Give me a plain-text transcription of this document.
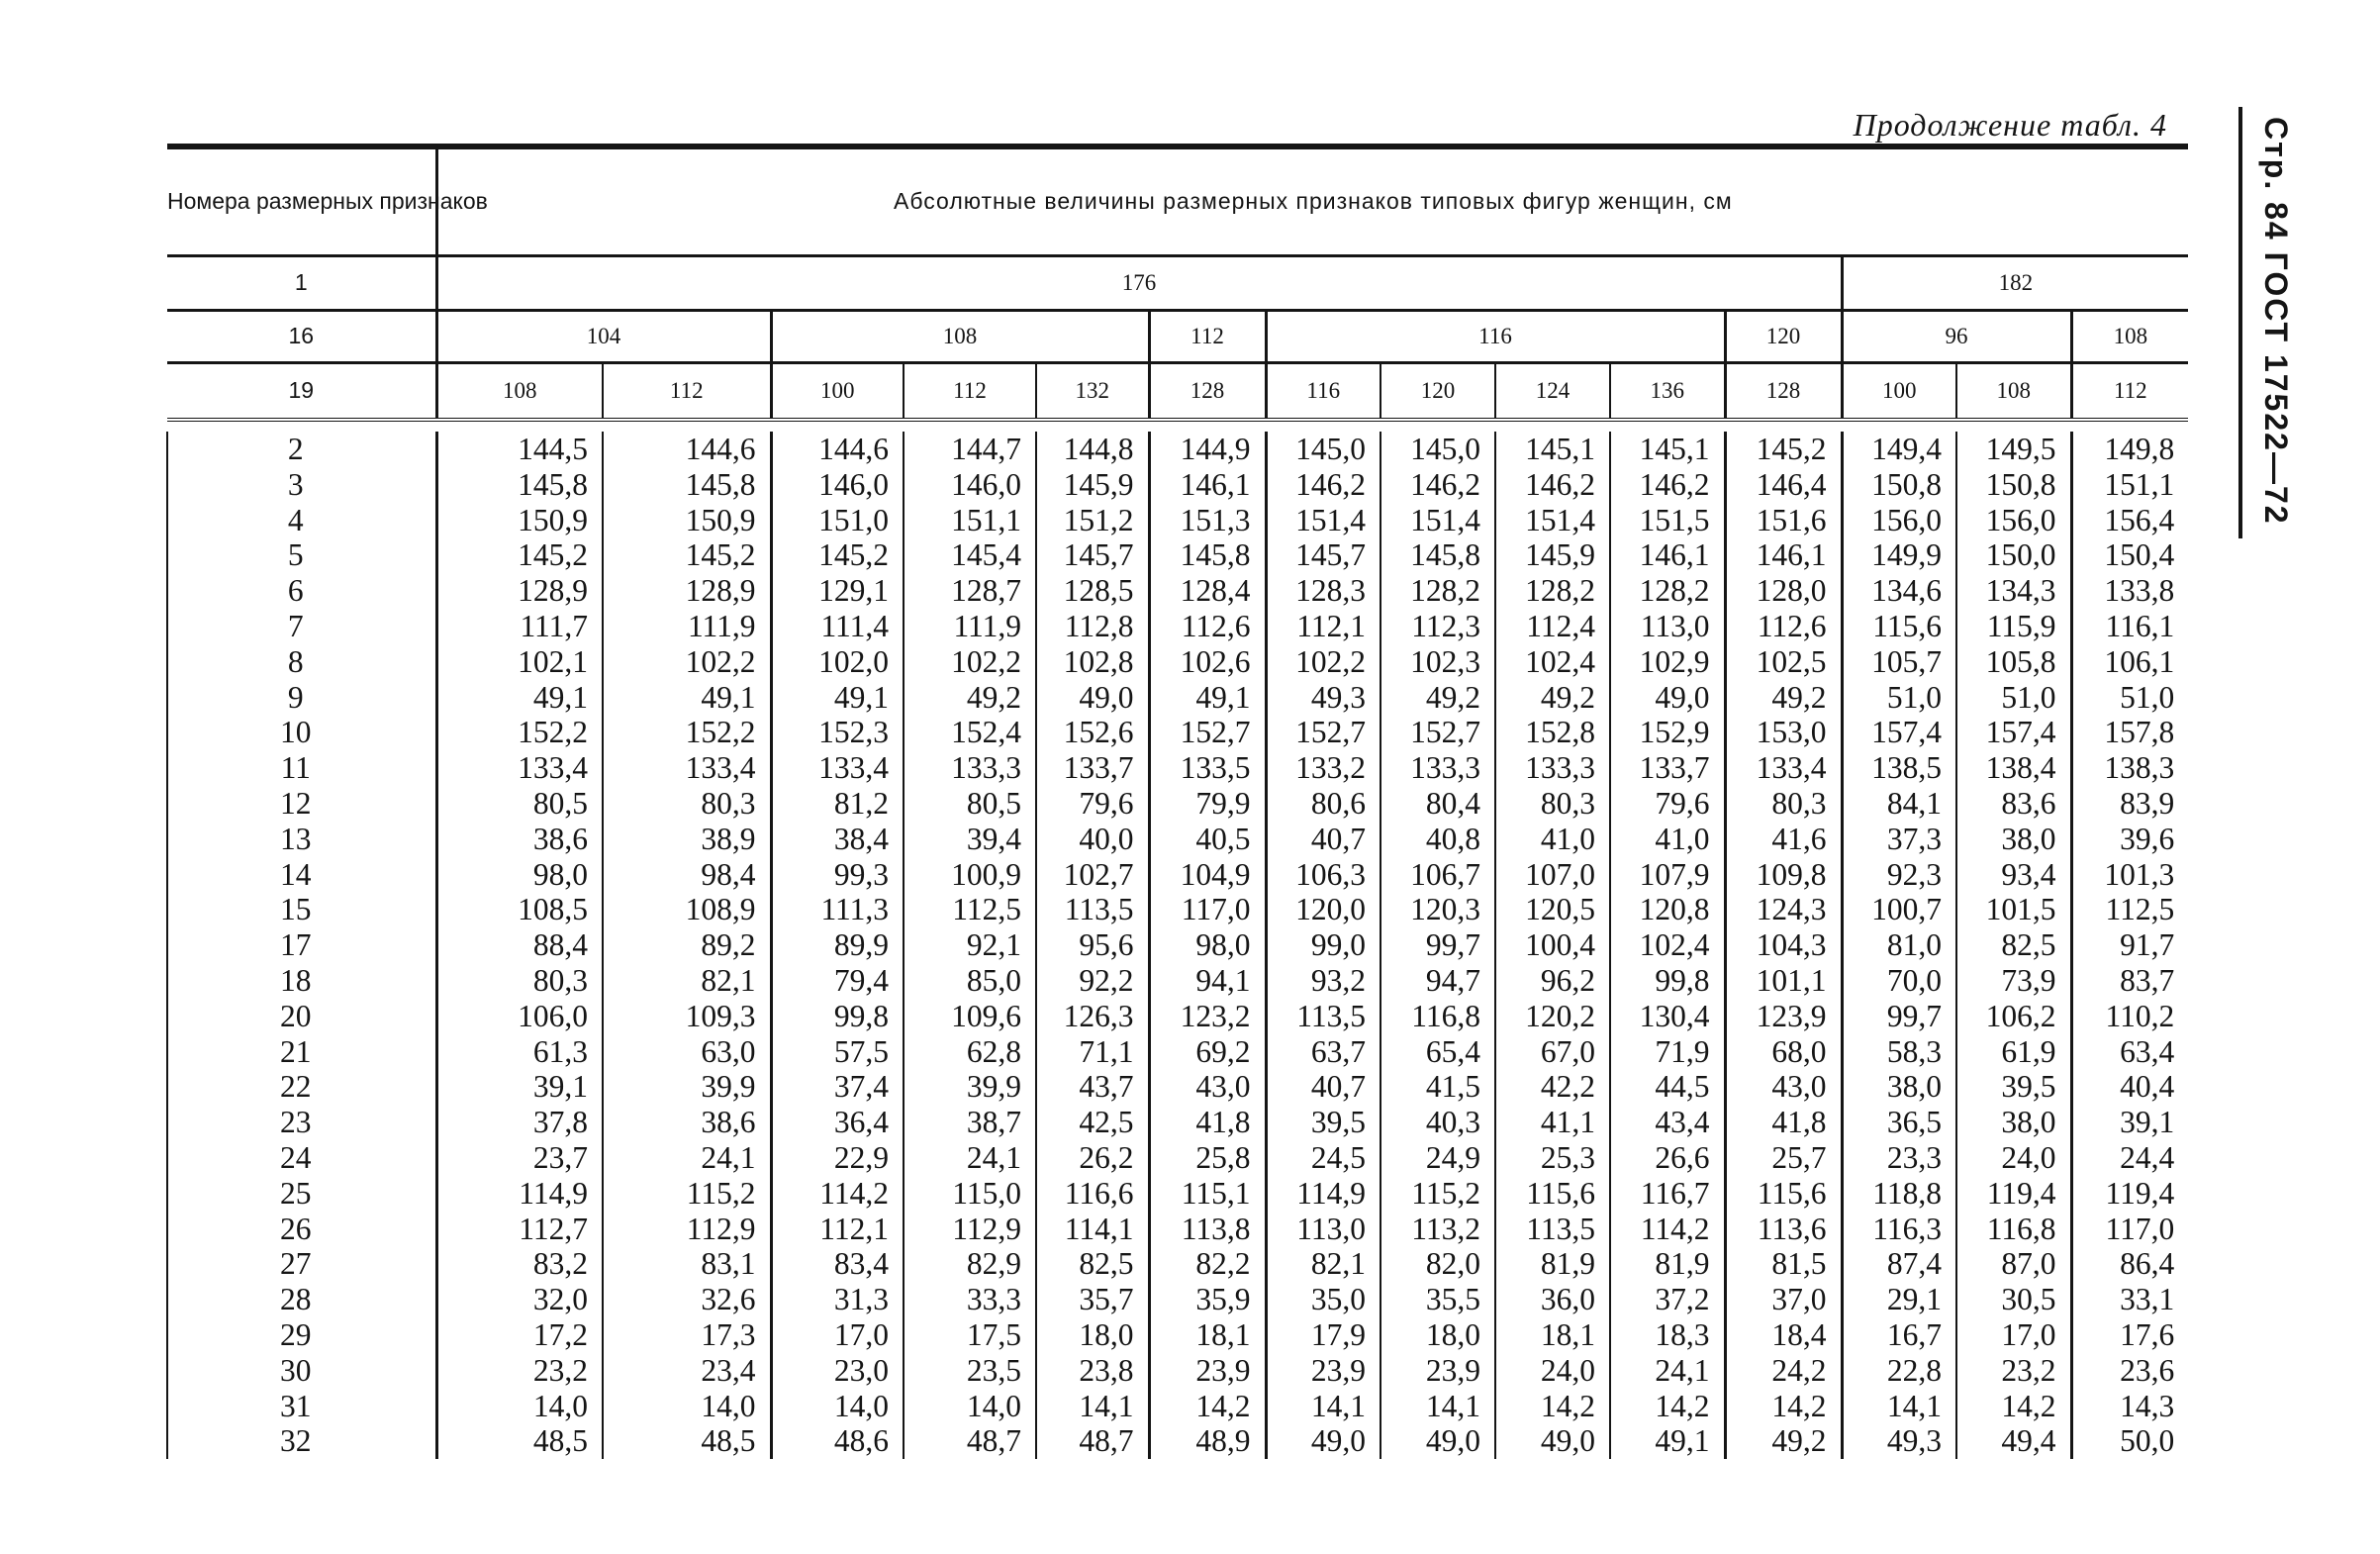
Продолжение табл. 4	Стр. 84 ГОСТ 17522—72
Номера размерных признаков	Абсолютные величины размерных признаков типовых фигур женщин, см													
1	176											182		
16	104		108			112	116				120	96		108
19	108	112	100	112	132	128	116	120	124	136	128	100	108	112

2	144,5	144,6	144,6	144,7	144,8	144,9	145,0	145,0	145,1	145,1	145,2	149,4	149,5	149,8
3	145,8	145,8	146,0	146,0	145,9	146,1	146,2	146,2	146,2	146,2	146,4	150,8	150,8	151,1
4	150,9	150,9	151,0	151,1	151,2	151,3	151,4	151,4	151,4	151,5	151,6	156,0	156,0	156,4
5	145,2	145,2	145,2	145,4	145,7	145,8	145,7	145,8	145,9	146,1	146,1	149,9	150,0	150,4
6	128,9	128,9	129,1	128,7	128,5	128,4	128,3	128,2	128,2	128,2	128,0	134,6	134,3	133,8
7	111,7	111,9	111,4	111,9	112,8	112,6	112,1	112,3	112,4	113,0	112,6	115,6	115,9	116,1
8	102,1	102,2	102,0	102,2	102,8	102,6	102,2	102,3	102,4	102,9	102,5	105,7	105,8	106,1
9	49,1	49,1	49,1	49,2	49,0	49,1	49,3	49,2	49,2	49,0	49,2	51,0	51,0	51,0
10	152,2	152,2	152,3	152,4	152,6	152,7	152,7	152,7	152,8	152,9	153,0	157,4	157,4	157,8
11	133,4	133,4	133,4	133,3	133,7	133,5	133,2	133,3	133,3	133,7	133,4	138,5	138,4	138,3
12	80,5	80,3	81,2	80,5	79,6	79,9	80,6	80,4	80,3	79,6	80,3	84,1	83,6	83,9
13	38,6	38,9	38,4	39,4	40,0	40,5	40,7	40,8	41,0	41,0	41,6	37,3	38,0	39,6
14	98,0	98,4	99,3	100,9	102,7	104,9	106,3	106,7	107,0	107,9	109,8	92,3	93,4	101,3
15	108,5	108,9	111,3	112,5	113,5	117,0	120,0	120,3	120,5	120,8	124,3	100,7	101,5	112,5
17	88,4	89,2	89,9	92,1	95,6	98,0	99,0	99,7	100,4	102,4	104,3	81,0	82,5	91,7
18	80,3	82,1	79,4	85,0	92,2	94,1	93,2	94,7	96,2	99,8	101,1	70,0	73,9	83,7
20	106,0	109,3	99,8	109,6	126,3	123,2	113,5	116,8	120,2	130,4	123,9	99,7	106,2	110,2
21	61,3	63,0	57,5	62,8	71,1	69,2	63,7	65,4	67,0	71,9	68,0	58,3	61,9	63,4
22	39,1	39,9	37,4	39,9	43,7	43,0	40,7	41,5	42,2	44,5	43,0	38,0	39,5	40,4
23	37,8	38,6	36,4	38,7	42,5	41,8	39,5	40,3	41,1	43,4	41,8	36,5	38,0	39,1
24	23,7	24,1	22,9	24,1	26,2	25,8	24,5	24,9	25,3	26,6	25,7	23,3	24,0	24,4
25	114,9	115,2	114,2	115,0	116,6	115,1	114,9	115,2	115,6	116,7	115,6	118,8	119,4	119,4
26	112,7	112,9	112,1	112,9	114,1	113,8	113,0	113,2	113,5	114,2	113,6	116,3	116,8	117,0
27	83,2	83,1	83,4	82,9	82,5	82,2	82,1	82,0	81,9	81,9	81,5	87,4	87,0	86,4
28	32,0	32,6	31,3	33,3	35,7	35,9	35,0	35,5	36,0	37,2	37,0	29,1	30,5	33,1
29	17,2	17,3	17,0	17,5	18,0	18,1	17,9	18,0	18,1	18,3	18,4	16,7	17,0	17,6
30	23,2	23,4	23,0	23,5	23,8	23,9	23,9	23,9	24,0	24,1	24,2	22,8	23,2	23,6
31	14,0	14,0	14,0	14,0	14,1	14,2	14,1	14,1	14,2	14,2	14,2	14,1	14,2	14,3
32	48,5	48,5	48,6	48,7	48,7	48,9	49,0	49,0	49,0	49,1	49,2	49,3	49,4	50,0
